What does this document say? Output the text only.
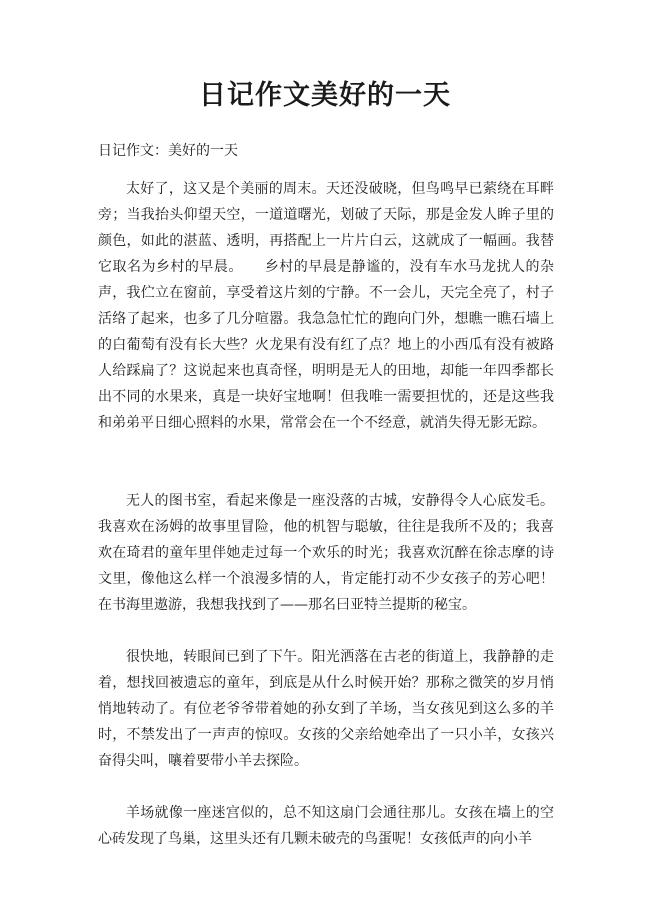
日记作文美好的一天
日记作文：美好的一天

太好了，这又是个美丽的周末。天还没破晓，但鸟鸣早已萦绕在耳畔旁；当我抬头仰望天空，一道道曙光，划破了天际，那是金发人眸子里的颜色，如此的湛蓝、透明，再搭配上一片片白云，这就成了一幅画。我替它取名为乡村的早晨。　　乡村的早晨是静谧的，没有车水马龙扰人的杂声，我伫立在窗前，享受着这片刻的宁静。不一会儿，天完全亮了，村子活络了起来，也多了几分喧嚣。我急急忙忙的跑向门外，想瞧一瞧石墙上的白葡萄有没有长大些？火龙果有没有红了点？地上的小西瓜有没有被路人给踩扁了？这说起来也真奇怪，明明是无人的田地，却能一年四季都长出不同的水果来，真是一块好宝地啊！但我唯一需要担忧的，还是这些我和弟弟平日细心照料的水果，常常会在一个不经意，就消失得无影无踪。

无人的图书室，看起来像是一座没落的古城，安静得令人心底发毛。我喜欢在汤姆的故事里冒险，他的机智与聪敏，往往是我所不及的；我喜欢在琦君的童年里伴她走过每一个欢乐的时光；我喜欢沉醉在徐志摩的诗文里，像他这么样一个浪漫多情的人，肯定能打动不少女孩子的芳心吧！在书海里遨游，我想我找到了——那名曰亚特兰提斯的秘宝。

很快地，转眼间已到了下午。阳光洒落在古老的街道上，我静静的走着，想找回被遗忘的童年，到底是从什么时候开始？那称之微笑的岁月悄悄地转动了。有位老爷爷带着她的孙女到了羊场，当女孩见到这么多的羊时，不禁发出了一声声的惊叹。女孩的父亲给她牵出了一只小羊，女孩兴奋得尖叫，嚷着要带小羊去探险。

羊场就像一座迷宫似的，总不知这扇门会通往那儿。女孩在墙上的空心砖发现了鸟巢，这里头还有几颗未破壳的鸟蛋呢！女孩低声的向小羊
